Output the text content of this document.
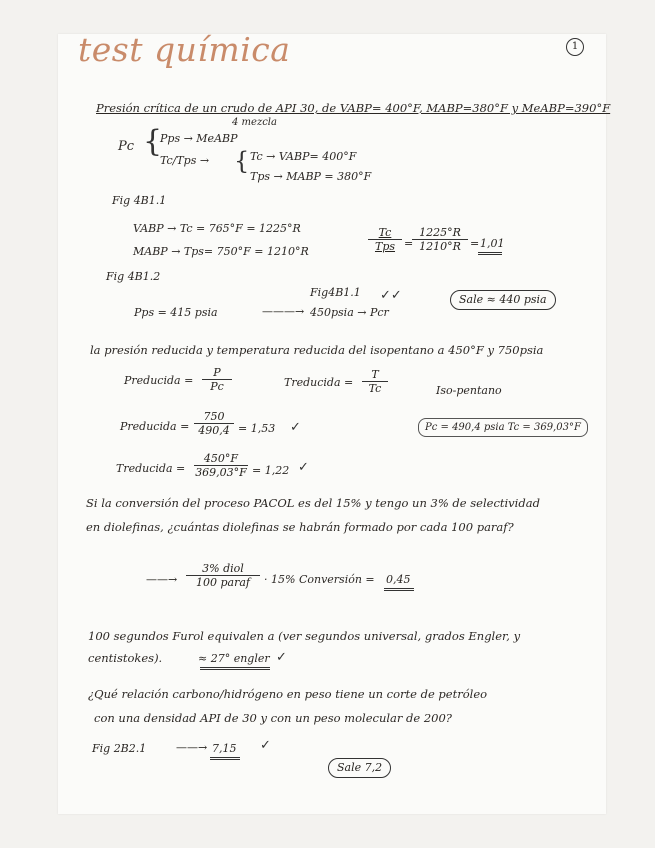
test química	1
Presión crítica de un crudo de API 30, de VABP= 400°F, MABP=380°F y MeABP=390°F
4 mezcla
Pc {
Pps → MeABP
Tc/Tps → { Tc → VABP= 400°F
Tps → MABP = 380°F
Fig 4B1.1
VABP → Tc = 765°F = 1225°R
MABP → Tps= 750°F = 1210°R
Tc
Tps =
$\frac{1225^\circ R}{1210^\circ R} = 1,01$
Fig 4B1.2
Pps = 415 psia
Fig4B1.1
———→ 450psia → Pcr
✓✓	Sale ≈ 440 psia
la presión reducida y temperatura reducida del isopentano a 450°F y 750psia
Preducida = $\frac{P}{Pc}$	Treducida = $\frac{T}{Tc}$	Iso-pentano
Pc = 490,4 psia Tc = 369,03°F
Preducida = $\frac{750}{490,4} = 1,53$ ✓
Treducida = $\frac{450^\circ F}{369,03^\circ F} = 1,22$ ✓
Si la conversión del proceso PACOL es del 15% y tengo un 3% de selectividad
en diolefinas, ¿cuántas diolefinas se habrán formado por cada 100 paraf?
——→
3% diol
100 paraf	· 15% Conversión = 0,45
100 segundos Furol equivalen a (ver segundos universal, grados Engler, y
centistokes).	≈ 27° engler ✓
¿Qué relación carbono/hidrógeno en peso tiene un corte de petróleo
con una densidad API de 30 y con un peso molecular de 200?
Fig 2B2.1	——→ 7,15 ✓
Sale 7,2
